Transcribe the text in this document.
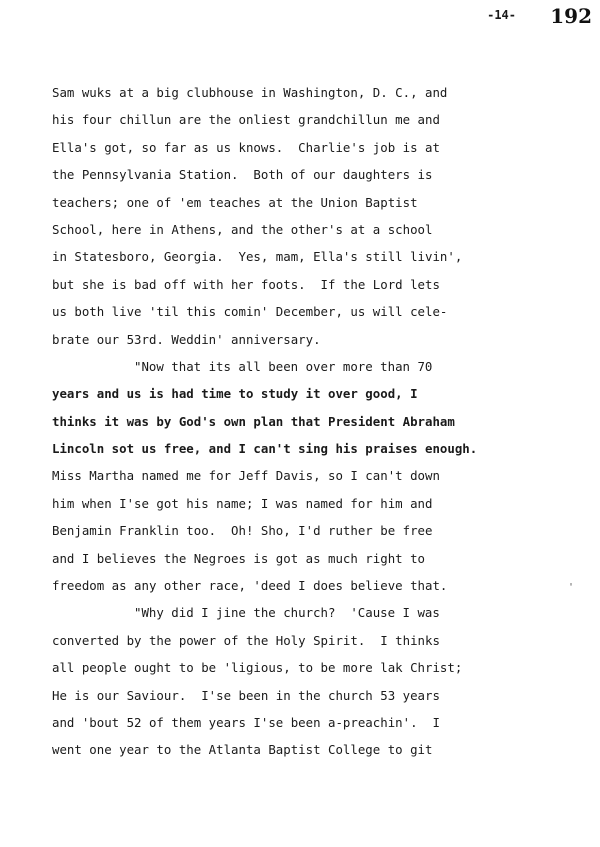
-14- 192
Sam wuks at a big clubhouse in Washington, D. C., and
his four chillun are the onliest grandchillun me and
Ella's got, so far as us knows.  Charlie's job is at
the Pennsylvania Station.  Both of our daughters is
teachers; one of 'em teaches at the Union Baptist
School, here in Athens, and the other's at a school
in Statesboro, Georgia.  Yes, mam, Ella's still livin',
but she is bad off with her foots.  If the Lord lets
us both live 'til this comin' December, us will cele-
brate our 53rd. Weddin' anniversary.
"Now that its all been over more than 70
years and us is had time to study it over good, I
thinks it was by God's own plan that President Abraham
Lincoln sot us free, and I can't sing his praises enough.
Miss Martha named me for Jeff Davis, so I can't down
him when I'se got his name; I was named for him and
Benjamin Franklin too.  Oh! Sho, I'd ruther be free
and I believes the Negroes is got as much right to
freedom as any other race, 'deed I does believe that.
"Why did I jine the church?  'Cause I was
converted by the power of the Holy Spirit.  I thinks
all people ought to be 'ligious, to be more lak Christ;
He is our Saviour.  I'se been in the church 53 years
and 'bout 52 of them years I'se been a-preachin'.  I
went one year to the Atlanta Baptist College to git
'
